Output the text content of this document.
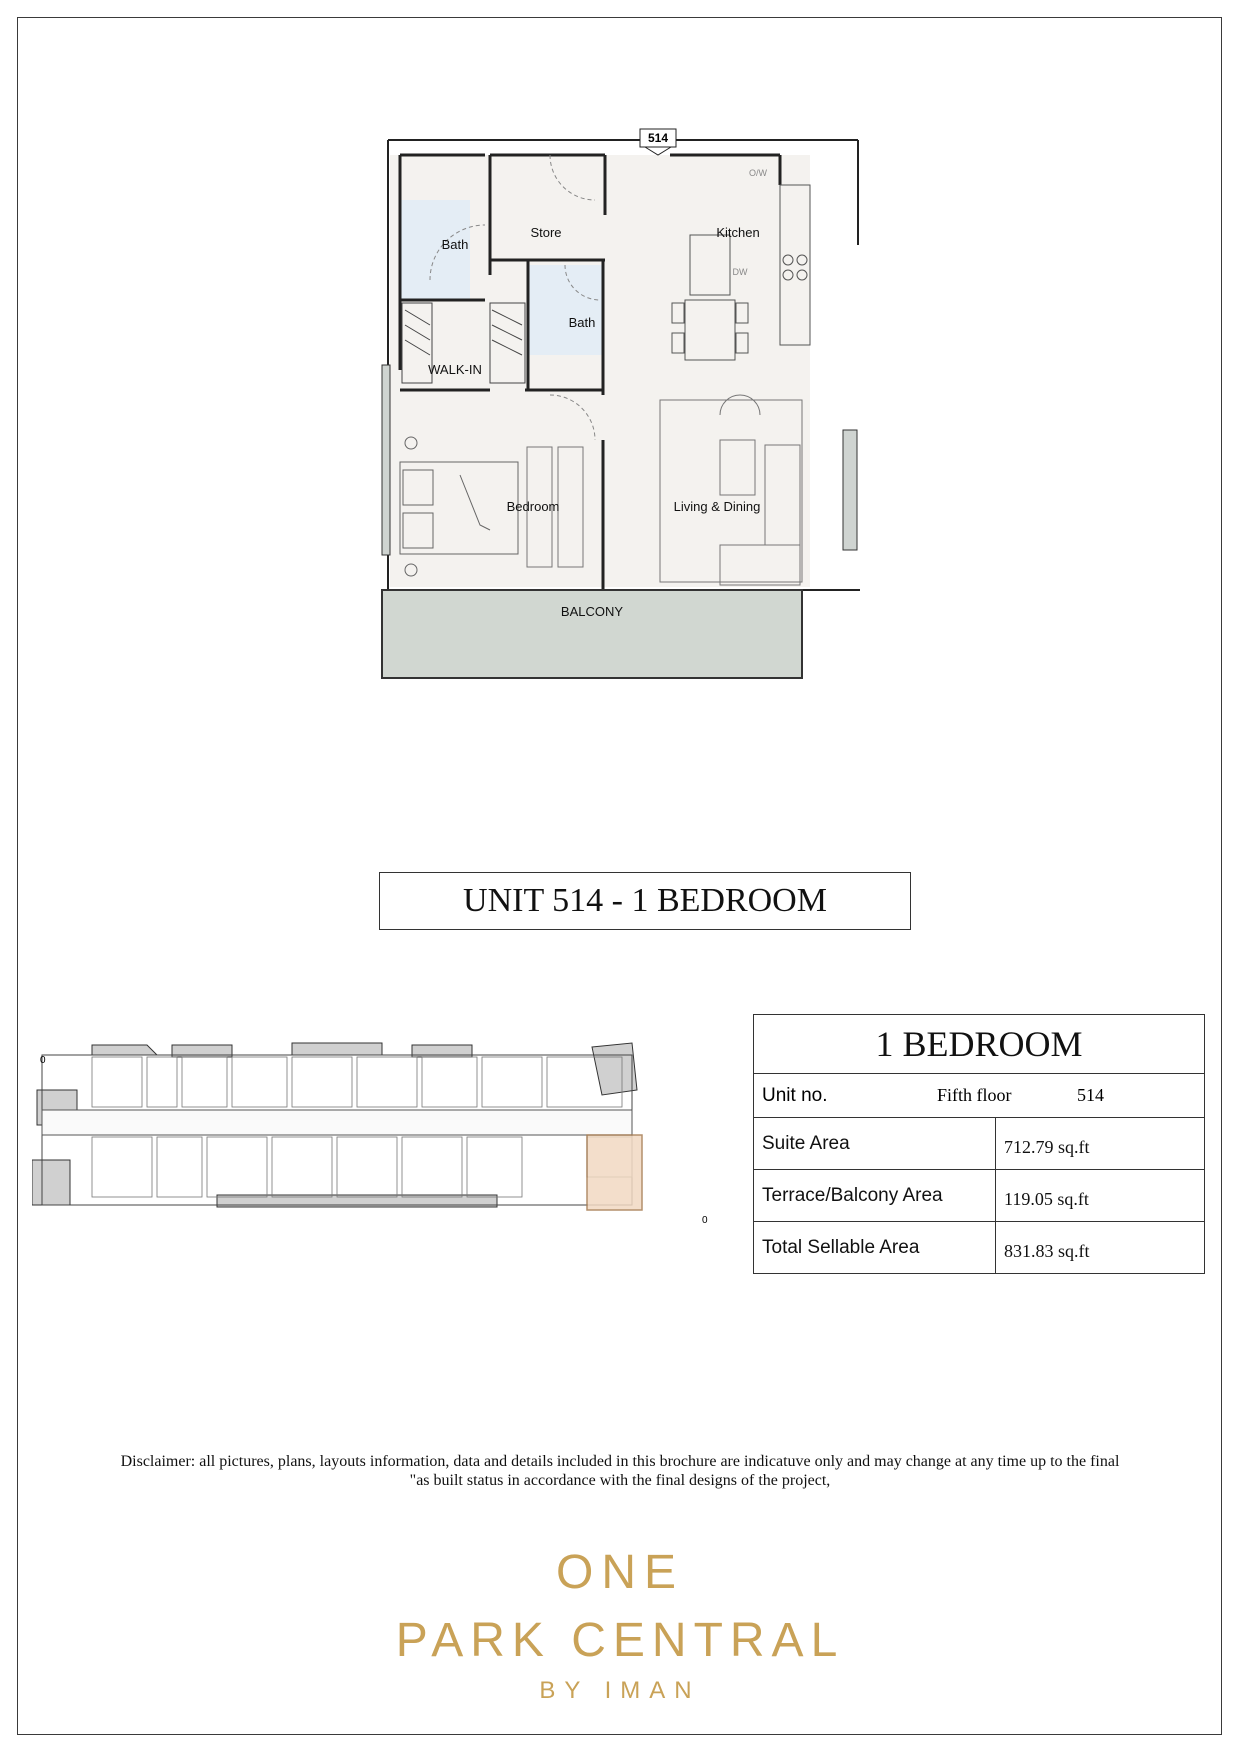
514
Bath
Store	Kitchen
Bath
WALK-IN
Bedroom	Living & Dining
BALCONY
O/W
DW
UNIT 514 - 1 BEDROOM
0
0
1 BEDROOM	

Unit no. Fifth floor 514	

Suite Area	712.79 sq.ft
Terrace/Balcony Area	119.05 sq.ft
Total Sellable Area	831.83 sq.ft
Disclaimer: all pictures, plans, layouts information, data and details included in this brochure are indicatuve only and may change at any time up to the final
"as built status in accordance with the final designs of the project,
ONE
PARK CENTRAL
BY IMAN
